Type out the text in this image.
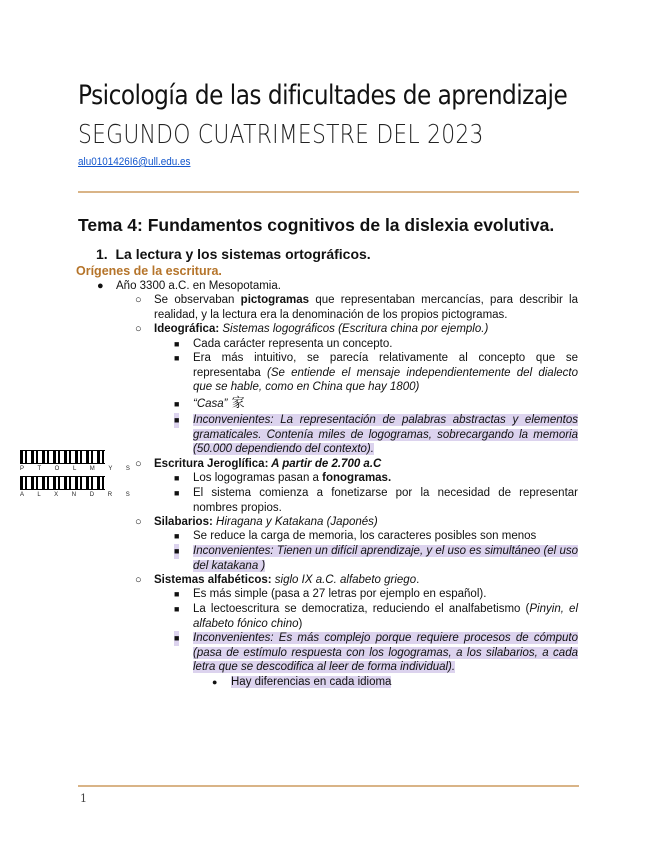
Psicología de las dificultades de aprendizaje
SEGUNDO CUATRIMESTRE DEL 2023
alu0101426I6@ull.edu.es
Tema 4: Fundamentos cognitivos de la dislexia evolutiva.
1. La lectura y los sistemas ortográficos.
Orígenes de la escritura.
● Año 3300 a.C. en Mesopotamia.
○ Se observaban pictogramas que representaban mercancías, para describir la realidad, y la lectura era la denominación de los propios pictogramas.
○ Ideográfica: Sistemas logográficos (Escritura china por ejemplo.)
■ Cada carácter representa un concepto.
■ Era más intuitivo, se parecía relativamente al concepto que se representaba (Se entiende el mensaje independientemente del dialecto que se hable, como en China que hay 1800)
■ “Casa” 家
■ Inconvenientes: La representación de palabras abstractas y elementos gramaticales. Contenía miles de logogramas, sobrecargando la memoria (50.000 dependiendo del contexto).
P T O L M Y S
A L X N D R S
○ Escritura Jeroglífica: A partir de 2.700 a.C
■ Los logogramas pasan a fonogramas.
■ El sistema comienza a fonetizarse por la necesidad de representar nombres propios.
○ Silabarios: Hiragana y Katakana (Japonés)
■ Se reduce la carga de memoria, los caracteres posibles son menos
■ Inconvenientes: Tienen un difícil aprendizaje, y el uso es simultáneo (el uso del katakana )
○ Sistemas alfabéticos: siglo IX a.C. alfabeto griego.
■ Es más simple (pasa a 27 letras por ejemplo en español).
■ La lectoescritura se democratiza, reduciendo el analfabetismo (Pinyin, el alfabeto fónico chino)
■ Inconvenientes: Es más complejo porque requiere procesos de cómputo (pasa de estímulo respuesta con los logogramas, a los silabarios, a cada letra que se descodifica al leer de forma individual).
● Hay diferencias en cada idioma
1
